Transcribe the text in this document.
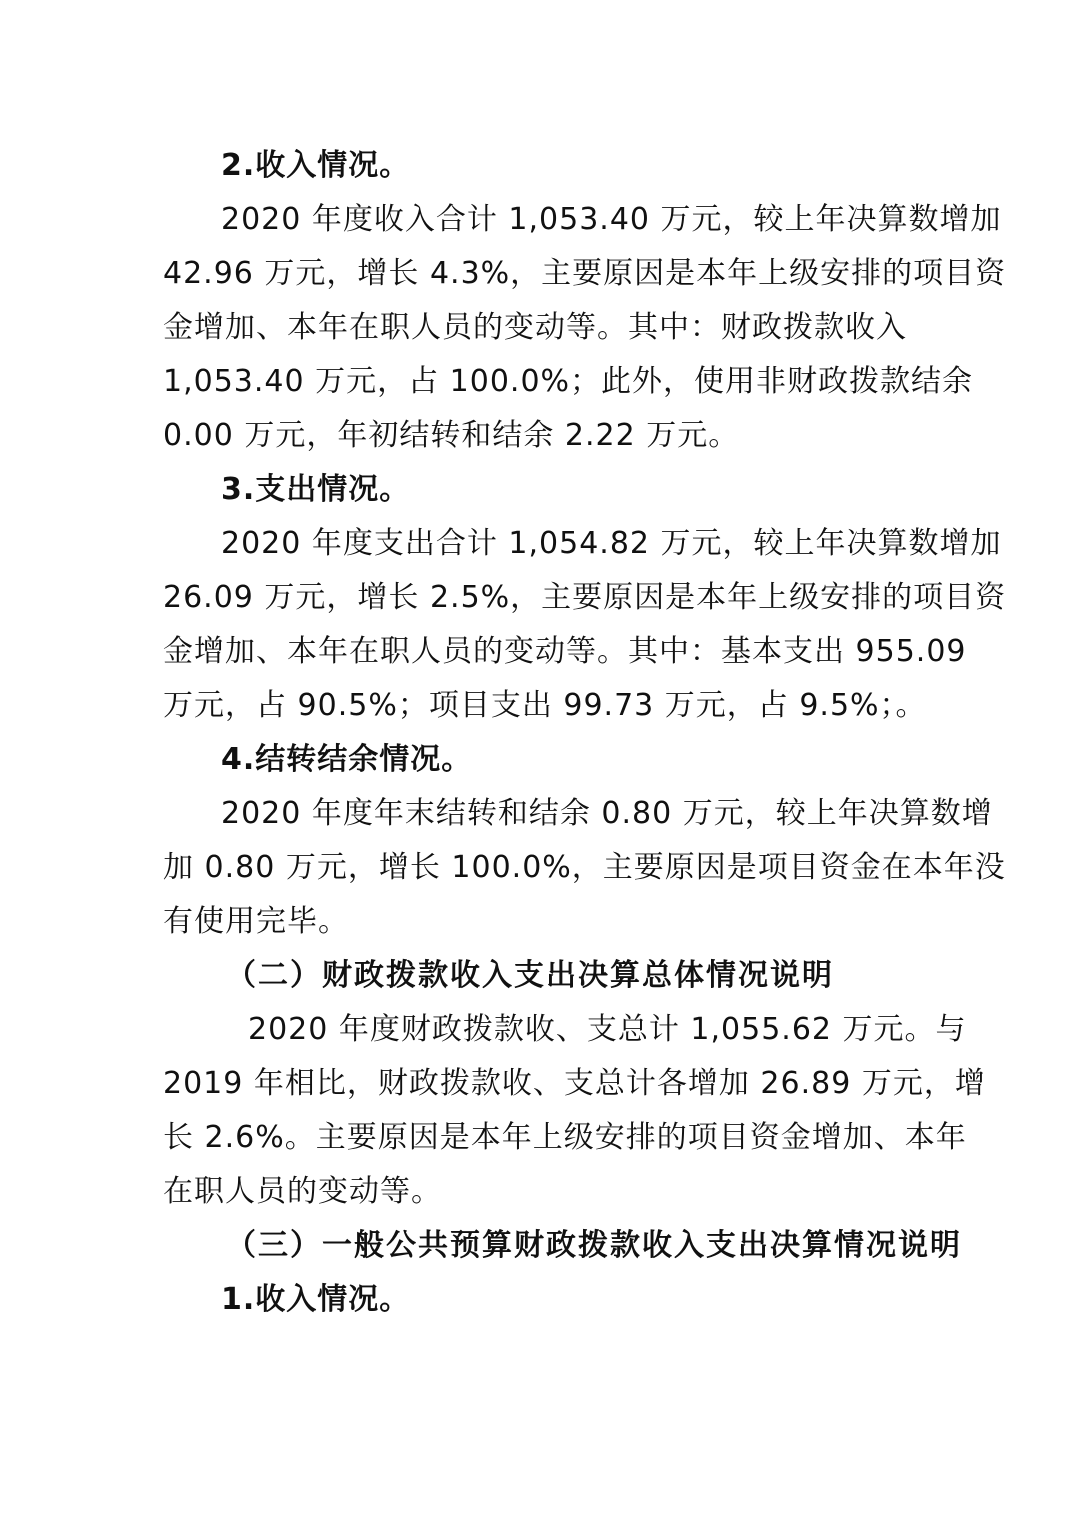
2.收入情况。
2020 年度收入合计 1,053.40 万元，较上年决算数增加
42.96 万元，增长 4.3%，主要原因是本年上级安排的项目资
金增加、本年在职人员的变动等。其中：财政拨款收入
1,053.40 万元，占 100.0%；此外，使用非财政拨款结余
0.00 万元，年初结转和结余 2.22 万元。
3.支出情况。
2020 年度支出合计 1,054.82 万元，较上年决算数增加
26.09 万元，增长 2.5%，主要原因是本年上级安排的项目资
金增加、本年在职人员的变动等。其中：基本支出 955.09
万元，占 90.5%；项目支出 99.73 万元，占 9.5%；。
4.结转结余情况。
2020 年度年末结转和结余 0.80 万元，较上年决算数增
加 0.80 万元，增长 100.0%，主要原因是项目资金在本年没
有使用完毕。
（二）财政拨款收入支出决算总体情况说明
2020 年度财政拨款收、支总计 1,055.62 万元。与
2019 年相比，财政拨款收、支总计各增加 26.89 万元，增
长 2.6%。主要原因是本年上级安排的项目资金增加、本年
在职人员的变动等。
（三）一般公共预算财政拨款收入支出决算情况说明
1.收入情况。
